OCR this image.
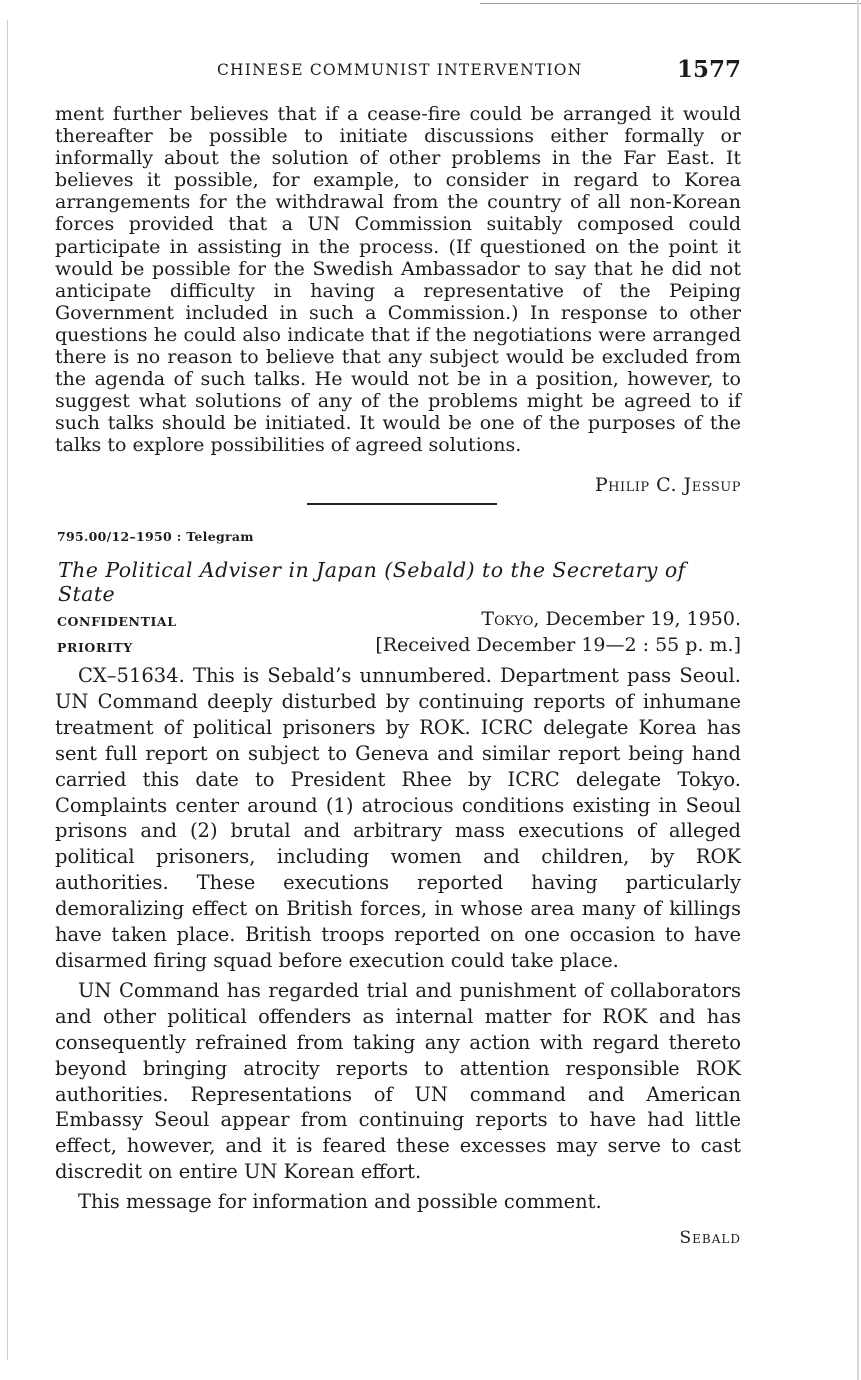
CHINESE COMMUNIST INTERVENTION	1577

ment further believes that if a cease-fire could be arranged it would thereafter be possible to initiate discussions either formally or informally about the solution of other problems in the Far East. It believes it possible, for example, to consider in regard to Korea arrangements for the withdrawal from the country of all non-Korean forces provided that a UN Commission suitably composed could participate in assisting in the process. (If questioned on the point it would be possible for the Swedish Ambassador to say that he did not anticipate difficulty in having a representative of the Peiping Government included in such a Commission.) In response to other questions he could also indicate that if the negotiations were arranged there is no reason to believe that any subject would be excluded from the agenda of such talks. He would not be in a position, however, to suggest what solutions of any of the problems might be agreed to if such talks should be initiated. It would be one of the purposes of the talks to explore possibilities of agreed solutions.

Philip C. Jessup
795.00/12–1950 : Telegram
The Political Adviser in Japan (Sebald) to the Secretary of State
CONFIDENTIAL	Tokyo, December 19, 1950.
PRIORITY	[Received December 19—2 : 55 p. m.]

CX–51634. This is Sebald’s unnumbered. Department pass Seoul. UN Command deeply disturbed by continuing reports of inhumane treatment of political prisoners by ROK. ICRC delegate Korea has sent full report on subject to Geneva and similar report being hand carried this date to President Rhee by ICRC delegate Tokyo. Complaints center around (1) atrocious conditions existing in Seoul prisons and (2) brutal and arbitrary mass executions of alleged political prisoners, including women and children, by ROK authorities. These executions reported having particularly demoralizing effect on British forces, in whose area many of killings have taken place. British troops reported on one occasion to have disarmed firing squad before execution could take place.

UN Command has regarded trial and punishment of collaborators and other political offenders as internal matter for ROK and has consequently refrained from taking any action with regard thereto beyond bringing atrocity reports to attention responsible ROK authorities. Representations of UN command and American Embassy Seoul appear from continuing reports to have had little effect, however, and it is feared these excesses may serve to cast discredit on entire UN Korean effort.

This message for information and possible comment.

Sebald
